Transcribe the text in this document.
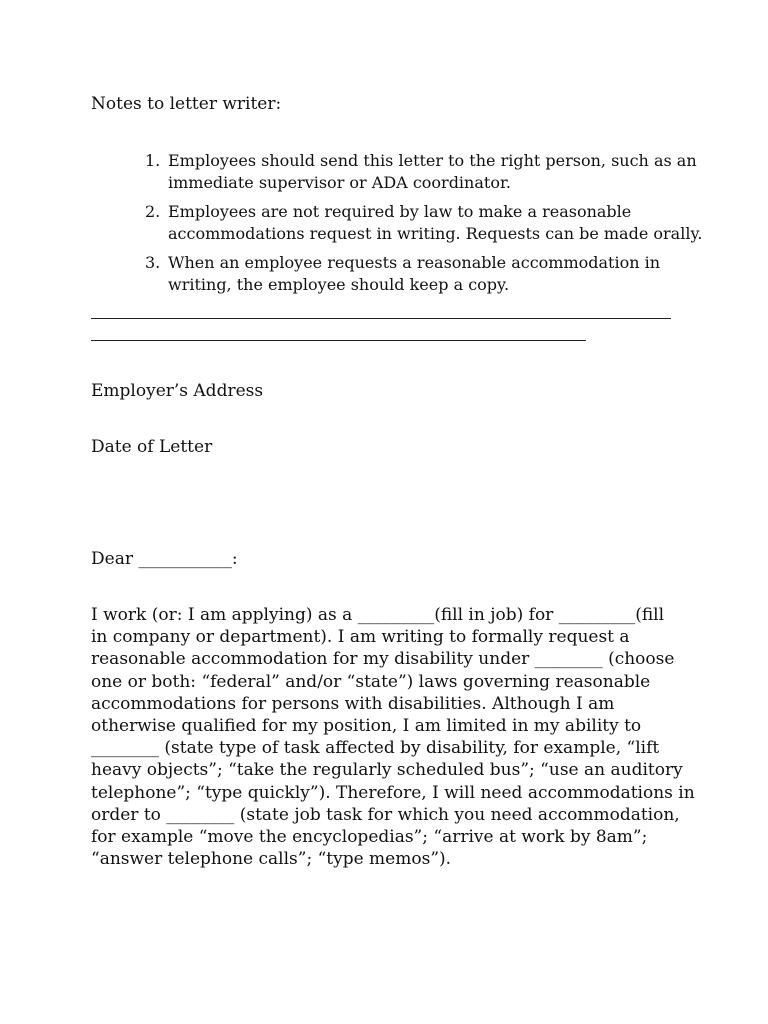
Notes to letter writer:
1. Employees should send this letter to the right person, such as an
immediate supervisor or ADA coordinator.
2. Employees are not required by law to make a reasonable
accommodations request in writing. Requests can be made orally.
3. When an employee requests a reasonable accommodation in
writing, the employee should keep a copy.
Employer’s Address
Date of Letter
Dear ___________:
I work (or: I am applying) as a _________(fill in job) for _________(fill
in company or department). I am writing to formally request a
reasonable accommodation for my disability under ________ (choose
one or both: “federal” and/or “state”) laws governing reasonable
accommodations for persons with disabilities. Although I am
otherwise qualified for my position, I am limited in my ability to
________ (state type of task affected by disability, for example, “lift
heavy objects”; “take the regularly scheduled bus”; “use an auditory
telephone”; “type quickly”). Therefore, I will need accommodations in
order to ________ (state job task for which you need accommodation,
for example “move the encyclopedias”; “arrive at work by 8am”;
“answer telephone calls”; “type memos”).
